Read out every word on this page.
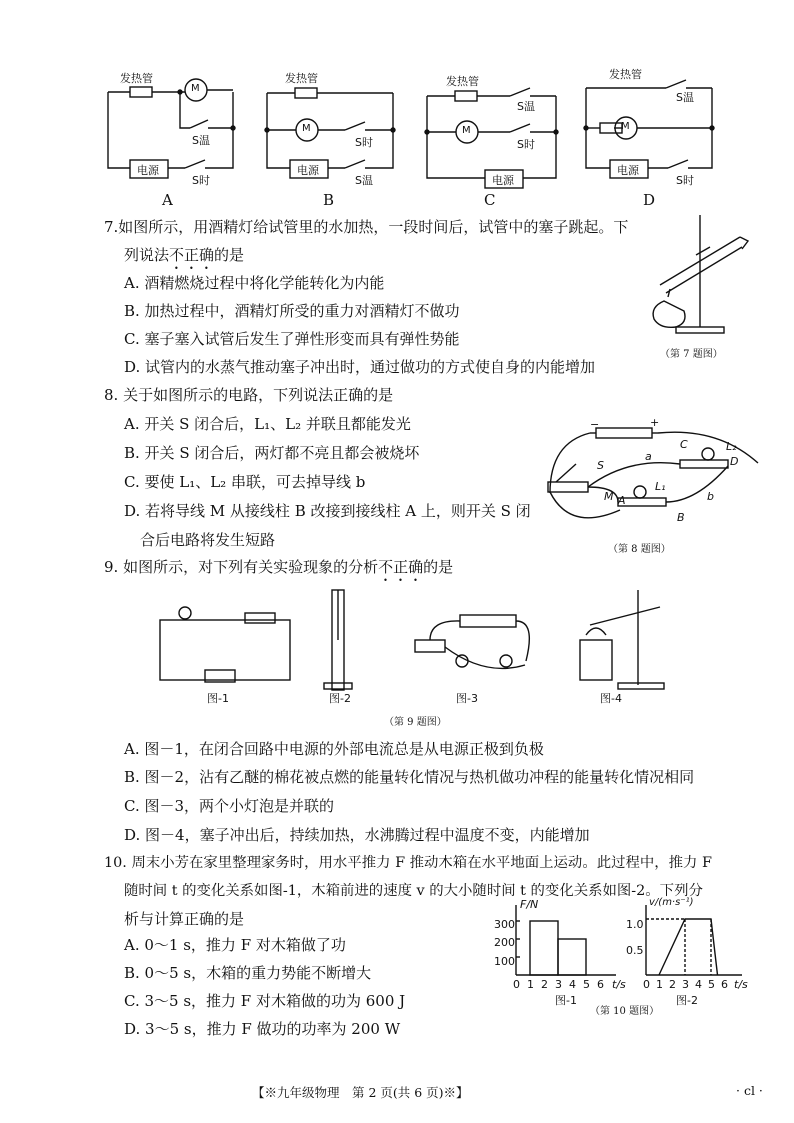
发热管
M
S温
电源
S时
A
发热管
M
S时
电源
S温
B
发热管
S温
M
S时
电源
C
发热管
S温
M
电源
S时
D
7.如图所示，用酒精灯给试管里的水加热，一段时间后，试管中的塞子跳起。下
列说法不正确的是
A. 酒精燃烧过程中将化学能转化为内能
B. 加热过程中，酒精灯所受的重力对酒精灯不做功
C. 塞子塞入试管后发生了弹性形变而具有弹性势能
D. 试管内的水蒸气推动塞子冲出时，通过做功的方式使自身的内能增加
（第 7 题图）
8. 关于如图所示的电路，下列说法正确的是
A. 开关 S 闭合后，L₁、L₂ 并联且都能发光
B. 开关 S 闭合后，两灯都不亮且都会被烧坏
C. 要使 L₁、L₂ 串联，可去掉导线 b
D. 若将导线 M 从接线柱 B 改接到接线柱 A 上，则开关 S 闭
合后电路将发生短路
−	+
S
C	L₂
D
a
M A
L₁
B
b
（第 8 题图）
9. 如图所示，对下列有关实验现象的分析不正确的是
图-1	图-2	图-3	图-4
（第 9 题图）
A. 图－1，在闭合回路中电源的外部电流总是从电源正极到负极
B. 图－2，沾有乙醚的棉花被点燃的能量转化情况与热机做功冲程的能量转化情况相同
C. 图－3，两个小灯泡是并联的
D. 图－4，塞子冲出后，持续加热，水沸腾过程中温度不变，内能增加
10. 周末小芳在家里整理家务时，用水平推力 F 推动木箱在水平地面上运动。此过程中，推力 F
随时间 t 的变化关系如图-1，木箱前进的速度 v 的大小随时间 t 的变化关系如图-2。下列分
析与计算正确的是
A. 0～1 s，推力 F 对木箱做了功
B. 0～5 s，木箱的重力势能不断增大
C. 3～5 s，推力 F 对木箱做的功为 600 J
D. 3～5 s，推力 F 做功的功率为 200 W
F/N
300
200
100
0 1 2 3 4 5 6 t/s
图-1
v/(m·s⁻¹)
1.0
0.5
0 1 2 3 4 5 6 t/s
图-2
（第 10 题图）
【※九年级物理　第 2 页(共 6 页)※】	· cl ·
